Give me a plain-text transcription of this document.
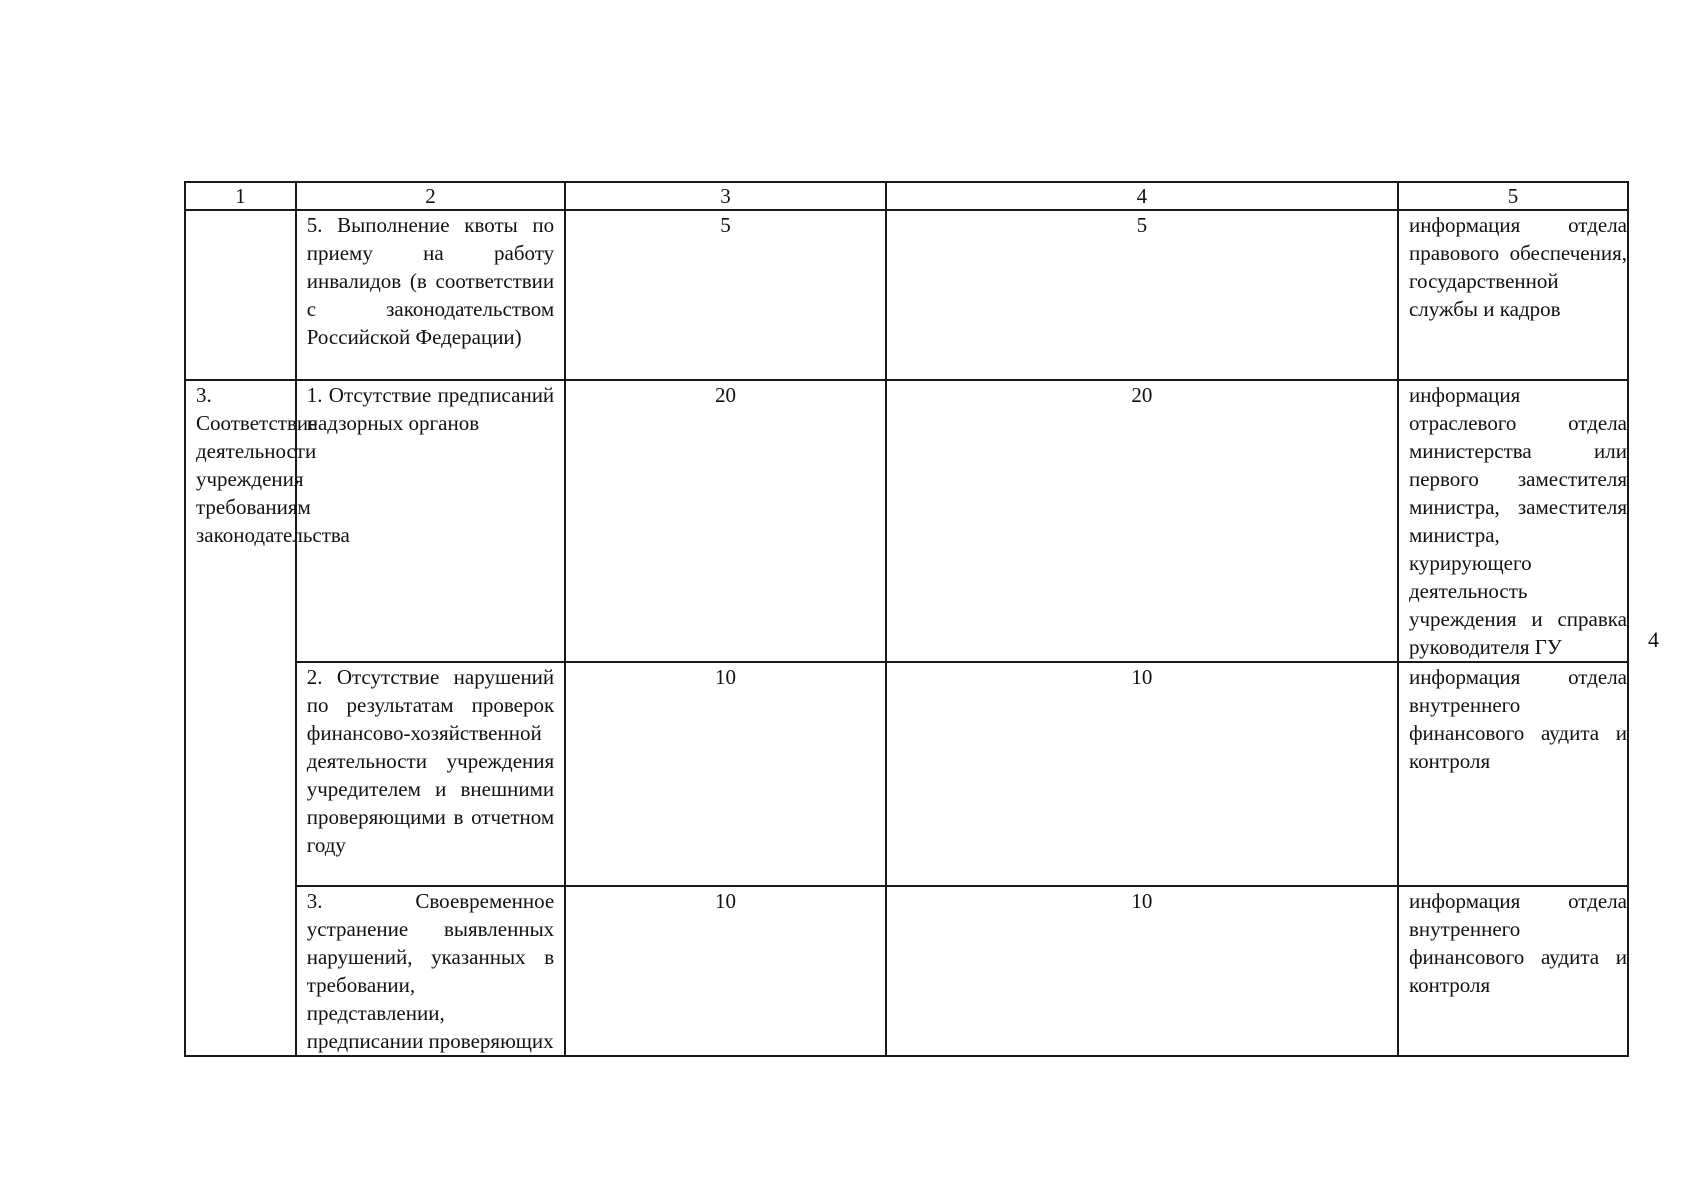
1	2	3	4	5
	5. Выполнение квоты по приему на работу инвалидов (в соответствии с законодательством Российской Федерации)	5	5	информация отдела правового обеспечения, государственной службы и кадров
3. Соответствие деятельности учреждения требованиям законодательства	1. Отсутствие предписаний надзорных органов	20	20	информация отраслевого отдела министерства или первого заместителя министра, заместителя министра, курирующего деятельность учреждения и справка руководителя ГУ
	2. Отсутствие нарушений по результатам проверок финансово-хозяйственной деятельности учреждения учредителем и внешними проверяющими в отчетном году	10	10	информация отдела внутреннего финансового аудита и контроля
	3. Своевременное устранение выявленных нарушений, указанных в требовании, представлении, предписании проверяющих	10	10	информация отдела внутреннего финансового аудита и контроля
4
